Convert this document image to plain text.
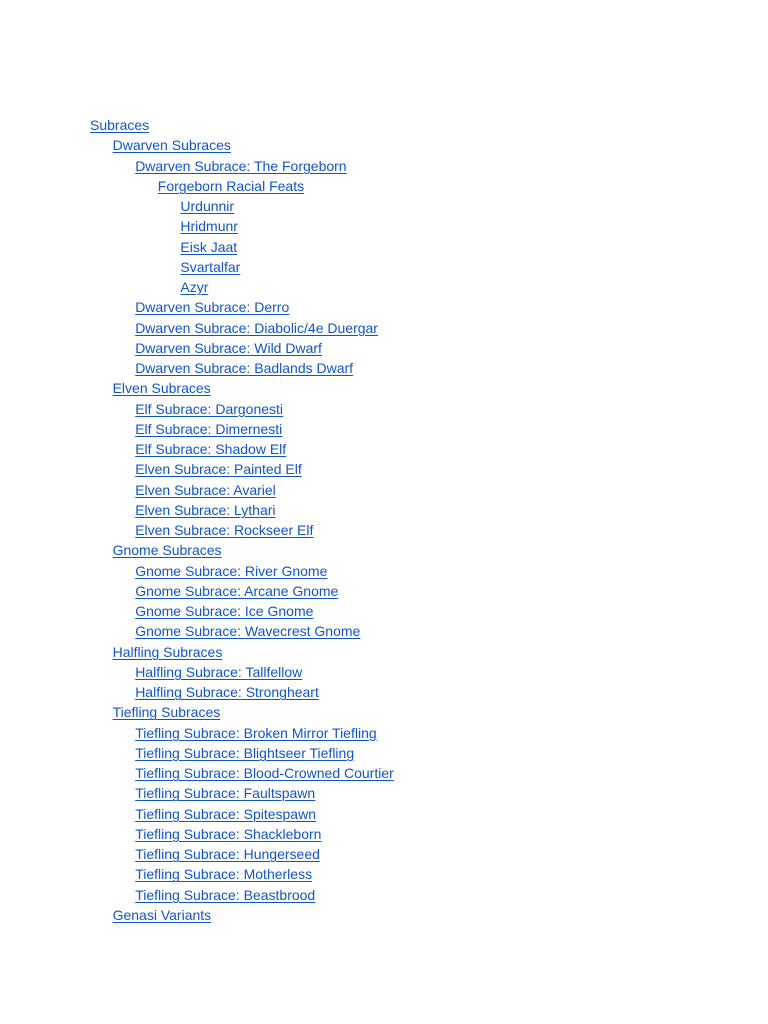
Subraces
Dwarven Subraces
Dwarven Subrace: The Forgeborn
Forgeborn Racial Feats
Urdunnir
Hridmunr
Eisk Jaat
Svartalfar
Azyr
Dwarven Subrace: Derro
Dwarven Subrace: Diabolic/4e Duergar
Dwarven Subrace: Wild Dwarf
Dwarven Subrace: Badlands Dwarf
Elven Subraces
Elf Subrace: Dargonesti
Elf Subrace: Dimernesti
Elf Subrace: Shadow Elf
Elven Subrace: Painted Elf
Elven Subrace: Avariel
Elven Subrace: Lythari
Elven Subrace: Rockseer Elf
Gnome Subraces
Gnome Subrace: River Gnome
Gnome Subrace: Arcane Gnome
Gnome Subrace: Ice Gnome
Gnome Subrace: Wavecrest Gnome
Halfling Subraces
Halfling Subrace: Tallfellow
Halfling Subrace: Strongheart
Tiefling Subraces
Tiefling Subrace: Broken Mirror Tiefling
Tiefling Subrace: Blightseer Tiefling
Tiefling Subrace: Blood-Crowned Courtier
Tiefling Subrace: Faultspawn
Tiefling Subrace: Spitespawn
Tiefling Subrace: Shackleborn
Tiefling Subrace: Hungerseed
Tiefling Subrace: Motherless
Tiefling Subrace: Beastbrood
Genasi Variants
